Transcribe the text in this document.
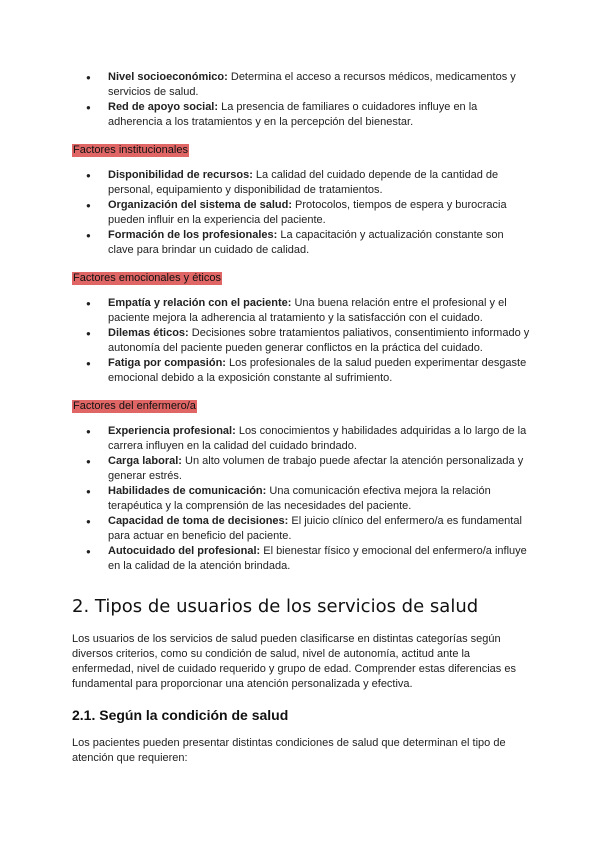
● Nivel socioeconómico: Determina el acceso a recursos médicos, medicamentos y servicios de salud.
● Red de apoyo social: La presencia de familiares o cuidadores influye en la adherencia a los tratamientos y en la percepción del bienestar.
Factores institucionales
● Disponibilidad de recursos: La calidad del cuidado depende de la cantidad de personal, equipamiento y disponibilidad de tratamientos.
● Organización del sistema de salud: Protocolos, tiempos de espera y burocracia pueden influir en la experiencia del paciente.
● Formación de los profesionales: La capacitación y actualización constante son clave para brindar un cuidado de calidad.
Factores emocionales y éticos
● Empatía y relación con el paciente: Una buena relación entre el profesional y el paciente mejora la adherencia al tratamiento y la satisfacción con el cuidado.
● Dilemas éticos: Decisiones sobre tratamientos paliativos, consentimiento informado y autonomía del paciente pueden generar conflictos en la práctica del cuidado.
● Fatiga por compasión: Los profesionales de la salud pueden experimentar desgaste emocional debido a la exposición constante al sufrimiento.
Factores del enfermero/a
● Experiencia profesional: Los conocimientos y habilidades adquiridas a lo largo de la carrera influyen en la calidad del cuidado brindado.
● Carga laboral: Un alto volumen de trabajo puede afectar la atención personalizada y generar estrés.
● Habilidades de comunicación: Una comunicación efectiva mejora la relación terapéutica y la comprensión de las necesidades del paciente.
● Capacidad de toma de decisiones: El juicio clínico del enfermero/a es fundamental para actuar en beneficio del paciente.
● Autocuidado del profesional: El bienestar físico y emocional del enfermero/a influye en la calidad de la atención brindada.
2. Tipos de usuarios de los servicios de salud

Los usuarios de los servicios de salud pueden clasificarse en distintas categorías según diversos criterios, como su condición de salud, nivel de autonomía, actitud ante la enfermedad, nivel de cuidado requerido y grupo de edad. Comprender estas diferencias es fundamental para proporcionar una atención personalizada y efectiva.

2.1. Según la condición de salud

Los pacientes pueden presentar distintas condiciones de salud que determinan el tipo de atención que requieren:
